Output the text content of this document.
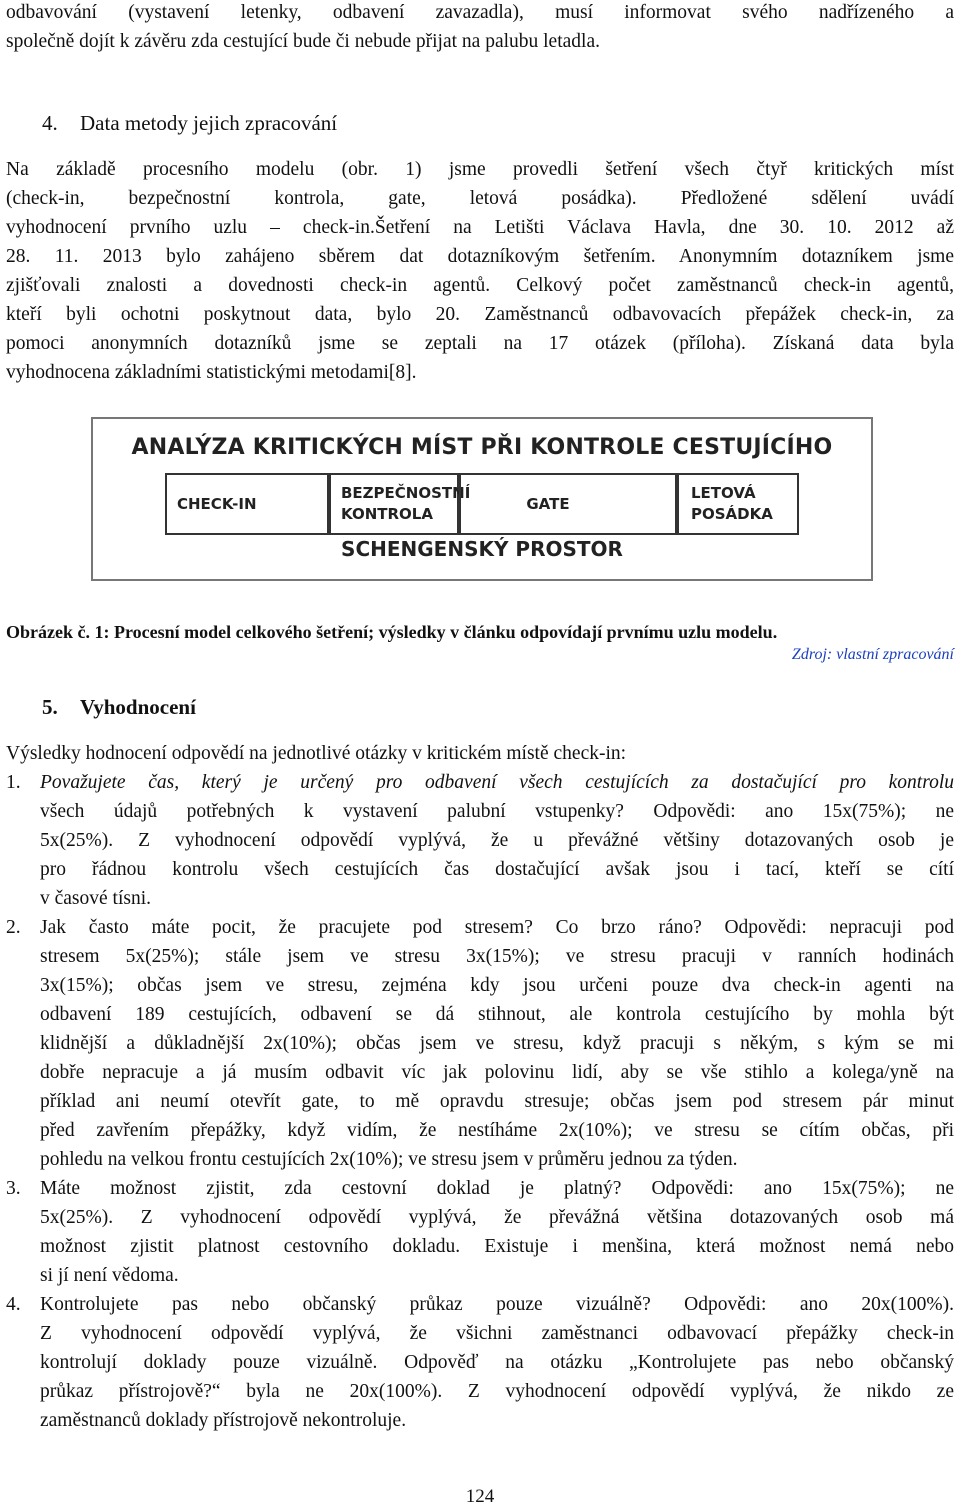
odbavování (vystavení letenky, odbavení zavazadla), musí informovat svého nadřízeného a
společně dojít k závěru zda cestující bude či nebude přijat na palubu letadla.
4. Data metody jejich zpracování
Na základě procesního modelu (obr. 1) jsme provedli šetření všech čtyř kritických míst
(check-in, bezpečnostní kontrola, gate, letová posádka). Předložené sdělení uvádí
vyhodnocení prvního uzlu – check-in.Šetření na Letišti Václava Havla, dne 30. 10. 2012 až
28. 11. 2013 bylo zahájeno sběrem dat dotazníkovým šetřením. Anonymním dotazníkem jsme
zjišťovali znalosti a dovednosti check-in agentů. Celkový počet zaměstnanců check-in agentů,
kteří byli ochotni poskytnout data, bylo 20. Zaměstnanců odbavovacích přepážek check-in, za
pomoci anonymních dotazníků jsme se zeptali na 17 otázek (příloha). Získaná data byla
vyhodnocena základními statistickými metodami[8].
ANALÝZA KRITICKÝCH MÍST PŘI KONTROLE CESTUJÍCÍHO
CHECK-IN
BEZPEČNOSTNÍ
KONTROLA
GATE
LETOVÁ
POSÁDKA
SCHENGENSKÝ PROSTOR
Obrázek č. 1: Procesní model celkového šetření; výsledky v článku odpovídají prvnímu uzlu modelu.
Zdroj: vlastní zpracování
5. Vyhodnocení
Výsledky hodnocení odpovědí na jednotlivé otázky v kritickém místě check-in:
1. Považujete čas, který je určený pro odbavení všech cestujících za dostačující pro kontrolu
všech údajů potřebných k vystavení palubní vstupenky? Odpovědi: ano 15x(75%); ne
5x(25%). Z vyhodnocení odpovědí vyplývá, že u převážné většiny dotazovaných osob je
pro řádnou kontrolu všech cestujících čas dostačující avšak jsou i tací, kteří se cítí
v časové tísni.
2. Jak často máte pocit, že pracujete pod stresem? Co brzo ráno? Odpovědi: nepracuji pod
stresem 5x(25%); stále jsem ve stresu 3x(15%); ve stresu pracuji v ranních hodinách
3x(15%); občas jsem ve stresu, zejména kdy jsou určeni pouze dva check-in agenti na
odbavení 189 cestujících, odbavení se dá stihnout, ale kontrola cestujícího by mohla být
klidnější a důkladnější 2x(10%); občas jsem ve stresu, když pracuji s někým, s kým se mi
dobře nepracuje a já musím odbavit víc jak polovinu lidí, aby se vše stihlo a kolega/yně na
příklad ani neumí otevřít gate, to mě opravdu stresuje; občas jsem pod stresem pár minut
před zavřením přepážky, když vidím, že nestíháme 2x(10%); ve stresu se cítím občas, při
pohledu na velkou frontu cestujících 2x(10%); ve stresu jsem v průměru jednou za týden.
3. Máte možnost zjistit, zda cestovní doklad je platný? Odpovědi: ano 15x(75%); ne
5x(25%). Z vyhodnocení odpovědí vyplývá, že převážná většina dotazovaných osob má
možnost zjistit platnost cestovního dokladu. Existuje i menšina, která možnost nemá nebo
si jí není vědoma.
4. Kontrolujete pas nebo občanský průkaz pouze vizuálně? Odpovědi: ano 20x(100%).
Z vyhodnocení odpovědí vyplývá, že všichni zaměstnanci odbavovací přepážky check-in
kontrolují doklady pouze vizuálně. Odpověď na otázku „Kontrolujete pas nebo občanský
průkaz přístrojově?“ byla ne 20x(100%). Z vyhodnocení odpovědí vyplývá, že nikdo ze
zaměstnanců doklady přístrojově nekontroluje.
124
